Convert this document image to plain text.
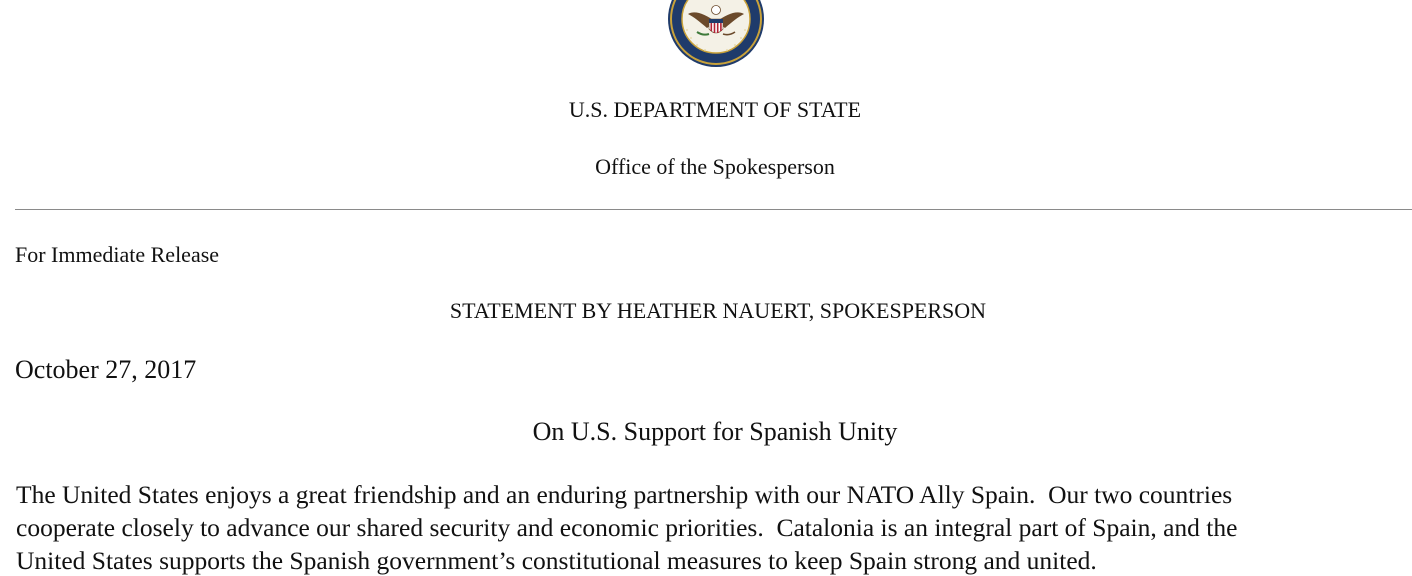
U.S. DEPARTMENT OF STATE
Office of the Spokesperson
For Immediate Release
STATEMENT BY HEATHER NAUERT, SPOKESPERSON
October 27, 2017
On U.S. Support for Spanish Unity
The United States enjoys a great friendship and an enduring partnership with our NATO Ally Spain.  Our two countries
cooperate closely to advance our shared security and economic priorities.  Catalonia is an integral part of Spain, and the
United States supports the Spanish government’s constitutional measures to keep Spain strong and united.
